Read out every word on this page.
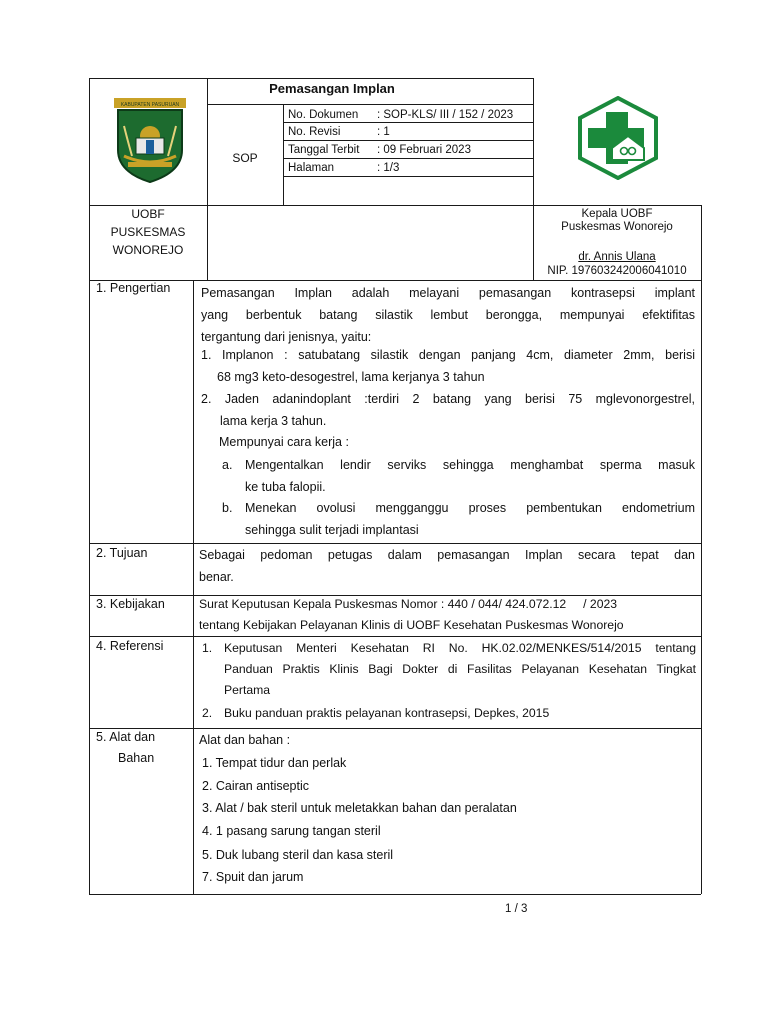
KABUPATEN PASURUAN
Pemasangan Implan
SOP
No. Dokumen : SOP-KLS/ III / 152 / 2023
No. Revisi	: 1
Tanggal Terbit : 09 Februari 2023
Halaman	: 1/3
UOBF
PUSKESMAS
WONOREJO
Kepala UOBF
Puskesmas Wonorejo
dr. Annis Ulana
NIP. 197603242006041010
1. Pengertian
2. Tujuan
3. Kebijakan
4. Referensi
5. Alat dan
Bahan
Pemasangan Implan adalah melayani pemasangan kontrasepsi implant
yang berbentuk batang silastik lembut berongga, mempunyai efektifitas
tergantung dari jenisnya, yaitu:
1. Implanon : satubatang silastik dengan panjang 4cm, diameter 2mm, berisi
68 mg3 keto-desogestrel, lama kerjanya 3 tahun
2. Jaden adanindoplant :terdiri 2 batang yang berisi 75 mglevonorgestrel,
lama kerja 3 tahun.
Mempunyai cara kerja :
a. Mengentalkan lendir serviks sehingga menghambat sperma masuk
ke tuba falopii.
b. Menekan ovolusi mengganggu proses pembentukan endometrium
sehingga sulit terjadi implantasi
Sebagai pedoman petugas dalam pemasangan Implan secara tepat dan
benar.
Surat Keputusan Kepala Puskesmas Nomor : 440 / 044/ 424.072.12     / 2023
tentang Kebijakan Pelayanan Klinis di UOBF Kesehatan Puskesmas Wonorejo
1. Keputusan Menteri Kesehatan RI No. HK.02.02/MENKES/514/2015 tentang
Panduan Praktis Klinis Bagi Dokter di Fasilitas Pelayanan Kesehatan Tingkat
Pertama
2. Buku panduan praktis pelayanan kontrasepsi, Depkes, 2015
Alat dan bahan :
1. Tempat tidur dan perlak
2. Cairan antiseptic
3. Alat / bak steril untuk meletakkan bahan dan peralatan
4. 1 pasang sarung tangan steril
5. Duk lubang steril dan kasa steril
7. Spuit dan jarum
1 / 3
